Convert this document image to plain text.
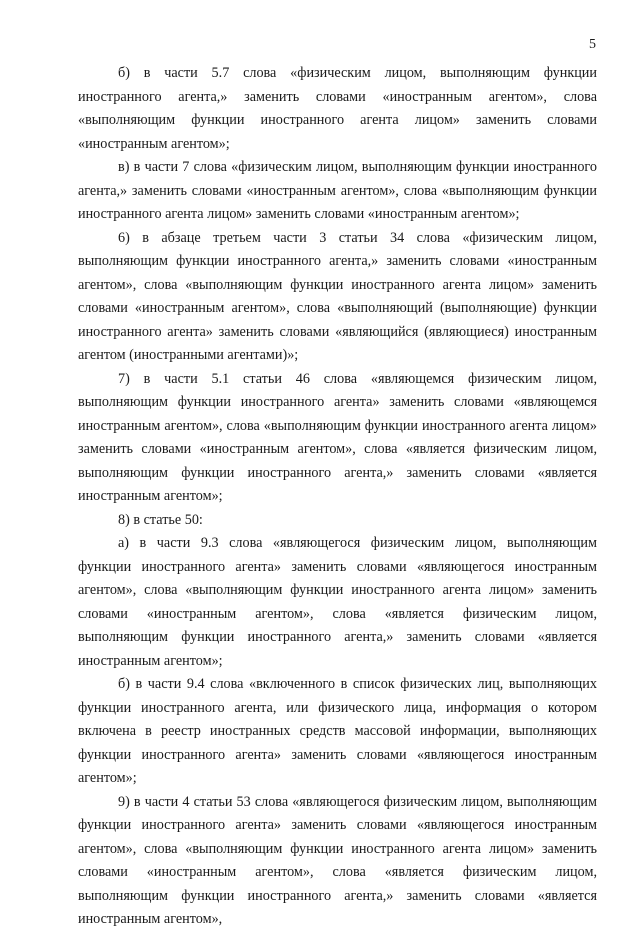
5

б) в части 5.7 слова «физическим лицом, выполняющим функции иностранного агента,» заменить словами «иностранным агентом», слова «выполняющим функции иностранного агента лицом» заменить словами «иностранным агентом»;

в) в части 7 слова «физическим лицом, выполняющим функции иностранного агента,» заменить словами «иностранным агентом», слова «выполняющим функции иностранного агента лицом» заменить словами «иностранным агентом»;

6) в абзаце третьем части 3 статьи 34 слова «физическим лицом, выполняющим функции иностранного агента,» заменить словами «иностранным агентом», слова «выполняющим функции иностранного агента лицом» заменить словами «иностранным агентом», слова «выполняющий (выполняющие) функции иностранного агента» заменить словами «являющийся (являющиеся) иностранным агентом (иностранными агентами)»;

7) в части 5.1 статьи 46 слова «являющемся физическим лицом, выполняющим функции иностранного агента» заменить словами «являющемся иностранным агентом», слова «выполняющим функции иностранного агента лицом» заменить словами «иностранным агентом», слова «является физическим лицом, выполняющим функции иностранного агента,» заменить словами «является иностранным агентом»;

8) в статье 50:

а) в части 9.3 слова «являющегося физическим лицом, выполняющим функции иностранного агента» заменить словами «являющегося иностранным агентом», слова «выполняющим функции иностранного агента лицом» заменить словами «иностранным агентом», слова «является физическим лицом, выполняющим функции иностранного агента,» заменить словами «является иностранным агентом»;

б) в части 9.4 слова «включенного в список физических лиц, выполняющих функции иностранного агента, или физического лица, информация о котором включена в реестр иностранных средств массовой информации, выполняющих функции иностранного агента» заменить словами «являющегося иностранным агентом»;

9) в части 4 статьи 53 слова «являющегося физическим лицом, выполняющим функции иностранного агента» заменить словами «являющегося иностранным агентом», слова «выполняющим функции иностранного агента лицом» заменить словами «иностранным агентом», слова «является физическим лицом, выполняющим функции иностранного агента,» заменить словами «является иностранным агентом»,
